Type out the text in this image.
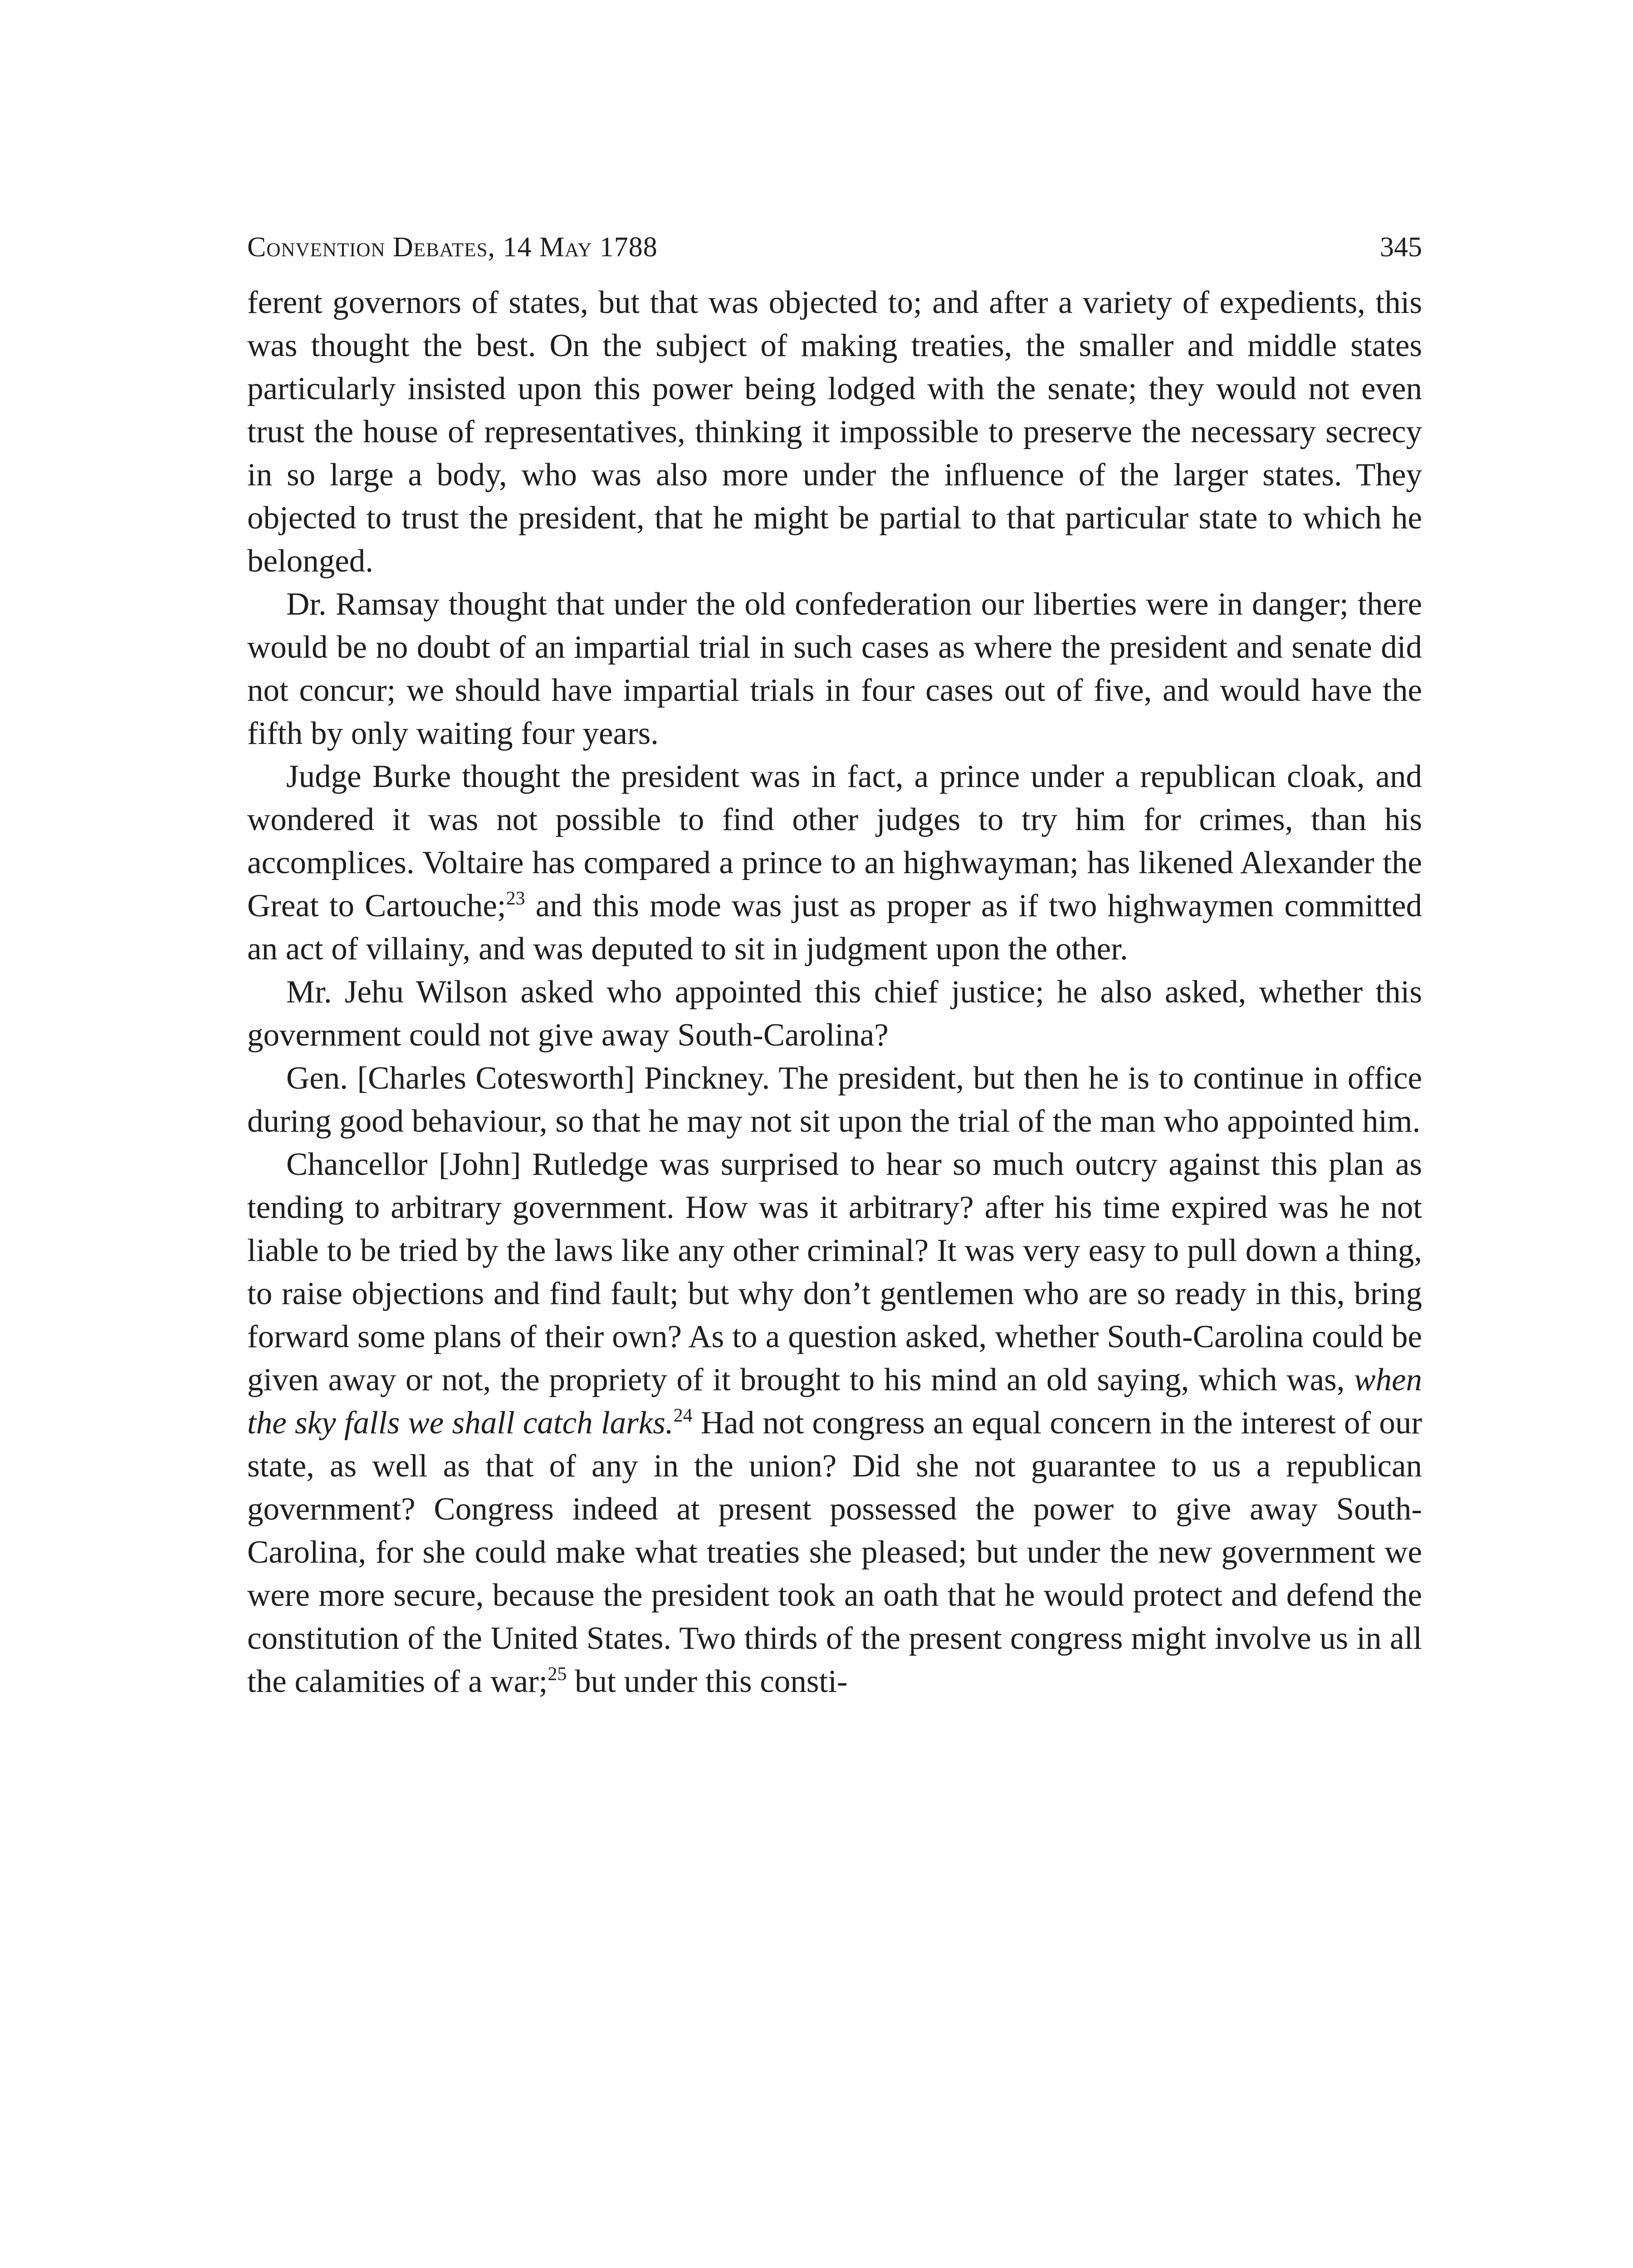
Convention Debates, 14 May 1788	345

ferent governors of states, but that was objected to; and after a variety of expedients, this was thought the best. On the subject of making treaties, the smaller and middle states particularly insisted upon this power being lodged with the senate; they would not even trust the house of representatives, thinking it impossible to preserve the necessary secrecy in so large a body, who was also more under the influence of the larger states. They objected to trust the president, that he might be partial to that particular state to which he belonged.

Dr. Ramsay thought that under the old confederation our liberties were in danger; there would be no doubt of an impartial trial in such cases as where the president and senate did not concur; we should have impartial trials in four cases out of five, and would have the fifth by only waiting four years.

Judge Burke thought the president was in fact, a prince under a republican cloak, and wondered it was not possible to find other judges to try him for crimes, than his accomplices. Voltaire has compared a prince to an highwayman; has likened Alexander the Great to Cartouche;$^{23}$ and this mode was just as proper as if two highwaymen committed an act of villainy, and was deputed to sit in judgment upon the other.

Mr. Jehu Wilson asked who appointed this chief justice; he also asked, whether this government could not give away South-Carolina?

Gen. [Charles Cotesworth] Pinckney. The president, but then he is to continue in office during good behaviour, so that he may not sit upon the trial of the man who appointed him.

Chancellor [John] Rutledge was surprised to hear so much outcry against this plan as tending to arbitrary government. How was it arbitrary? after his time expired was he not liable to be tried by the laws like any other criminal? It was very easy to pull down a thing, to raise objections and find fault; but why don’t gentlemen who are so ready in this, bring forward some plans of their own? As to a question asked, whether South-Carolina could be given away or not, the propriety of it brought to his mind an old saying, which was, when the sky falls we shall catch larks.$^{24}$ Had not congress an equal concern in the interest of our state, as well as that of any in the union? Did she not guarantee to us a republican government? Congress indeed at present possessed the power to give away South-Carolina, for she could make what treaties she pleased; but under the new government we were more secure, because the president took an oath that he would protect and defend the constitution of the United States. Two thirds of the present congress might involve us in all the calamities of a war;$^{25}$ but under this consti-
